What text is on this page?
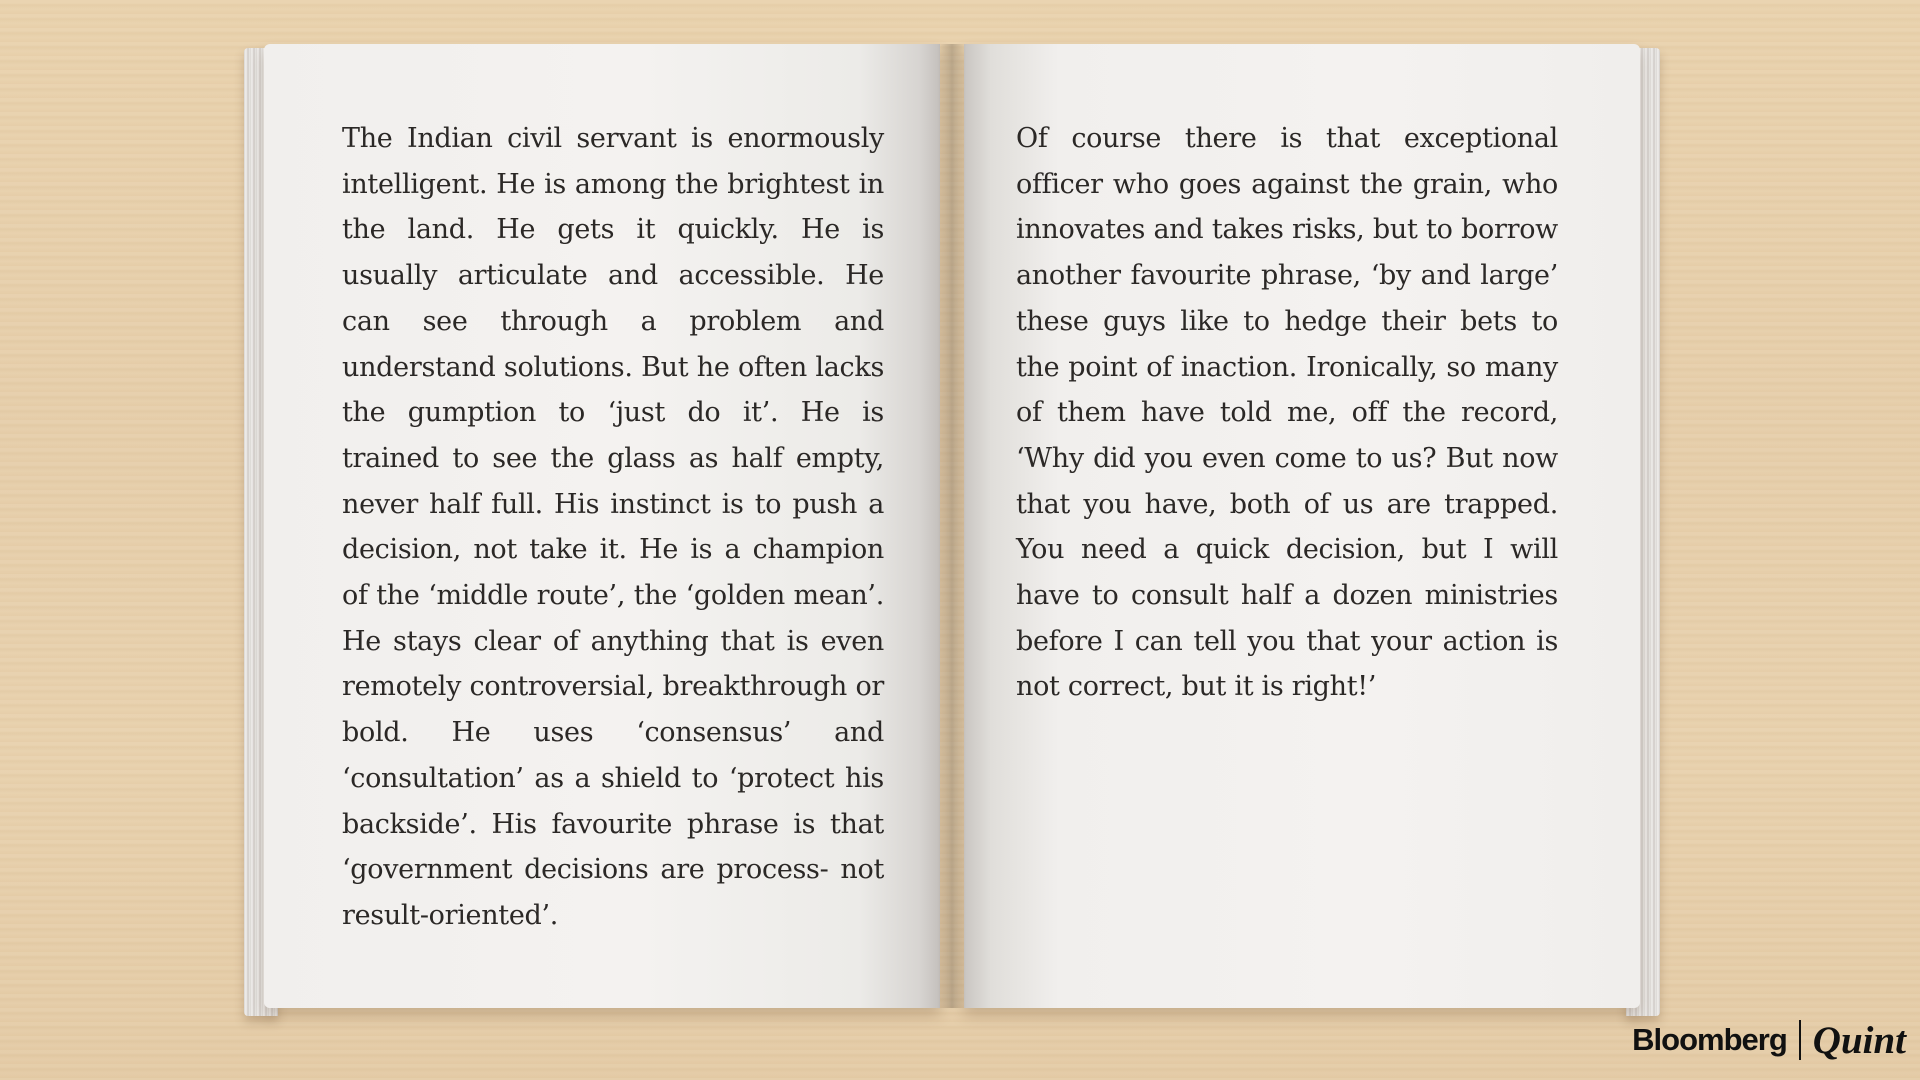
The Indian civil servant is enormously intelligent. He is among the brightest in the land. He gets it quickly. He is usually articulate and accessible. He can see through a problem and understand solutions. But he often lacks the gumption to ‘just do it’. He is trained to see the glass as half empty, never half full. His instinct is to push a decision, not take it. He is a champion of the ‘middle route’, the ‘golden mean’. He stays clear of anything that is even remotely controversial, breakthrough or bold. He uses ‘consensus’ and ‘consultation’ as a shield to ‘protect his backside’. His favourite phrase is that ‘government decisions are process- not result-oriented’.
Of course there is that exceptional officer who goes against the grain, who innovates and takes risks, but to borrow another favourite phrase, ‘by and large’ these guys like to hedge their bets to the point of inaction. Ironically, so many of them have told me, off the record, ‘Why did you even come to us? But now that you have, both of us are trapped. You need a quick decision, but I will have to consult half a dozen ministries before I can tell you that your action is not correct, but it is right!’
Bloomberg Quint
